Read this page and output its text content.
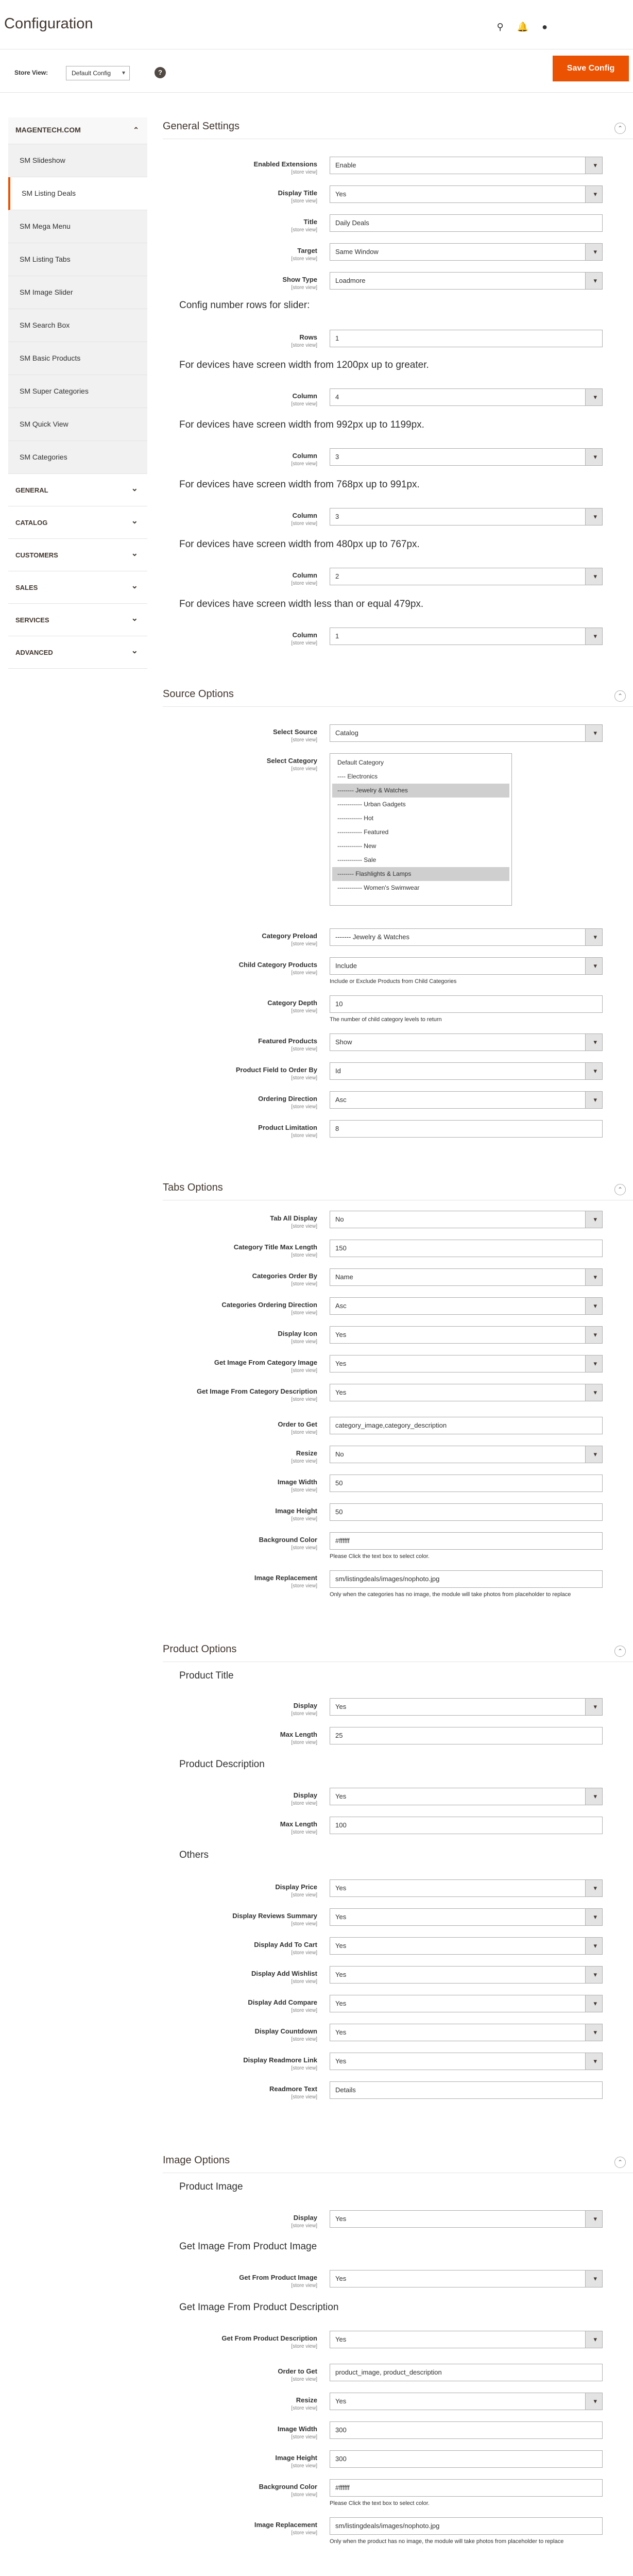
Configuration	⚲ 🔔 ●
Store View:	Default Config ▾	?	Save Config
MAGENTECH.COM ⌃
SM Slideshow
SM Listing Deals
SM Mega Menu
SM Listing Tabs
SM Image Slider
SM Search Box
SM Basic Products
SM Super Categories
SM Quick View
SM Categories
GENERAL ⌄
CATALOG ⌄
CUSTOMERS ⌄
SALES ⌄
SERVICES ⌄
ADVANCED ⌄
General Settings	⌃
Enabled Extensions
[store view]
▾ Enable
Display Title
[store view]
▾ Yes
Title
[store view]
Daily Deals
Target
[store view]
▾ Same Window
Show Type
[store view]
▾ Loadmore
Config number rows for slider:
Rows
[store view]
1
For devices have screen width from 1200px up to greater.
Column
[store view]
▾ 4
For devices have screen width from 992px up to 1199px.
Column
[store view]
▾ 3
For devices have screen width from 768px up to 991px.
Column
[store view]
▾ 3
For devices have screen width from 480px up to 767px.
Column
[store view]
▾ 2
For devices have screen width less than or equal 479px.
Column
[store view]
▾ 1
Source Options	⌃
Select Source
[store view]
▾ Catalog
Select Category
[store view]
Default Category
---- Electronics
-------- Jewelry & Watches
------------ Urban Gadgets
------------ Hot
------------ Featured
------------ New
------------ Sale
-------- Flashlights & Lamps
------------ Women's Swimwear
Category Preload
[store view]
▾ ------- Jewelry & Watches
Child Category Products
[store view]
▾ Include
Include or Exclude Products from Child Categories
Category Depth
[store view]
10
The number of child category levels to return
Featured Products
[store view]
▾ Show
Product Field to Order By
[store view]
▾ Id
Ordering Direction
[store view]
▾ Asc
Product Limitation
[store view]
8
Tabs Options	⌃
Tab All Display
[store view]
▾ No
Category Title Max Length
[store view]
150
Categories Order By
[store view]
▾ Name
Categories Ordering Direction
[store view]
▾ Asc
Display Icon
[store view]
▾ Yes
Get Image From Category Image
[store view]
▾ Yes
Get Image From Category Description
[store view]
▾ Yes
Order to Get
[store view]
category_image,category_description
Resize
[store view]
▾ No
Image Width
[store view]
50
Image Height
[store view]
50
Background Color
[store view]
#ffffff
Please Click the text box to select color.
Image Replacement
[store view]
sm/listingdeals/images/nophoto.jpg
Only when the categories has no image, the module will take photos from placeholder to replace
Product Options	⌃
Product Title
Display
[store view]
▾ Yes
Max Length
[store view]
25
Product Description
Display
[store view]
▾ Yes
Max Length
[store view]
100
Others
Display Price
[store view]
▾ Yes
Display Reviews Summary
[store view]
▾ Yes
Display Add To Cart
[store view]
▾ Yes
Display Add Wishlist
[store view]
▾ Yes
Display Add Compare
[store view]
▾ Yes
Display Countdown
[store view]
▾ Yes
Display Readmore Link
[store view]
▾ Yes
Readmore Text
[store view]
Details
Image Options	⌃
Product Image
Display
[store view]
▾ Yes
Get Image From Product Image
Get From Product Image
[store view]
▾ Yes
Get Image From Product Description
Get From Product Description
[store view]
▾ Yes
Order to Get
[store view]
product_image, product_description
Resize
[store view]
▾ Yes
Image Width
[store view]
300
Image Height
[store view]
300
Background Color
[store view]
#ffffff
Please Click the text box to select color.
Image Replacement
[store view]
sm/listingdeals/images/nophoto.jpg
Only when the product has no image, the module will take photos from placeholder to replace
